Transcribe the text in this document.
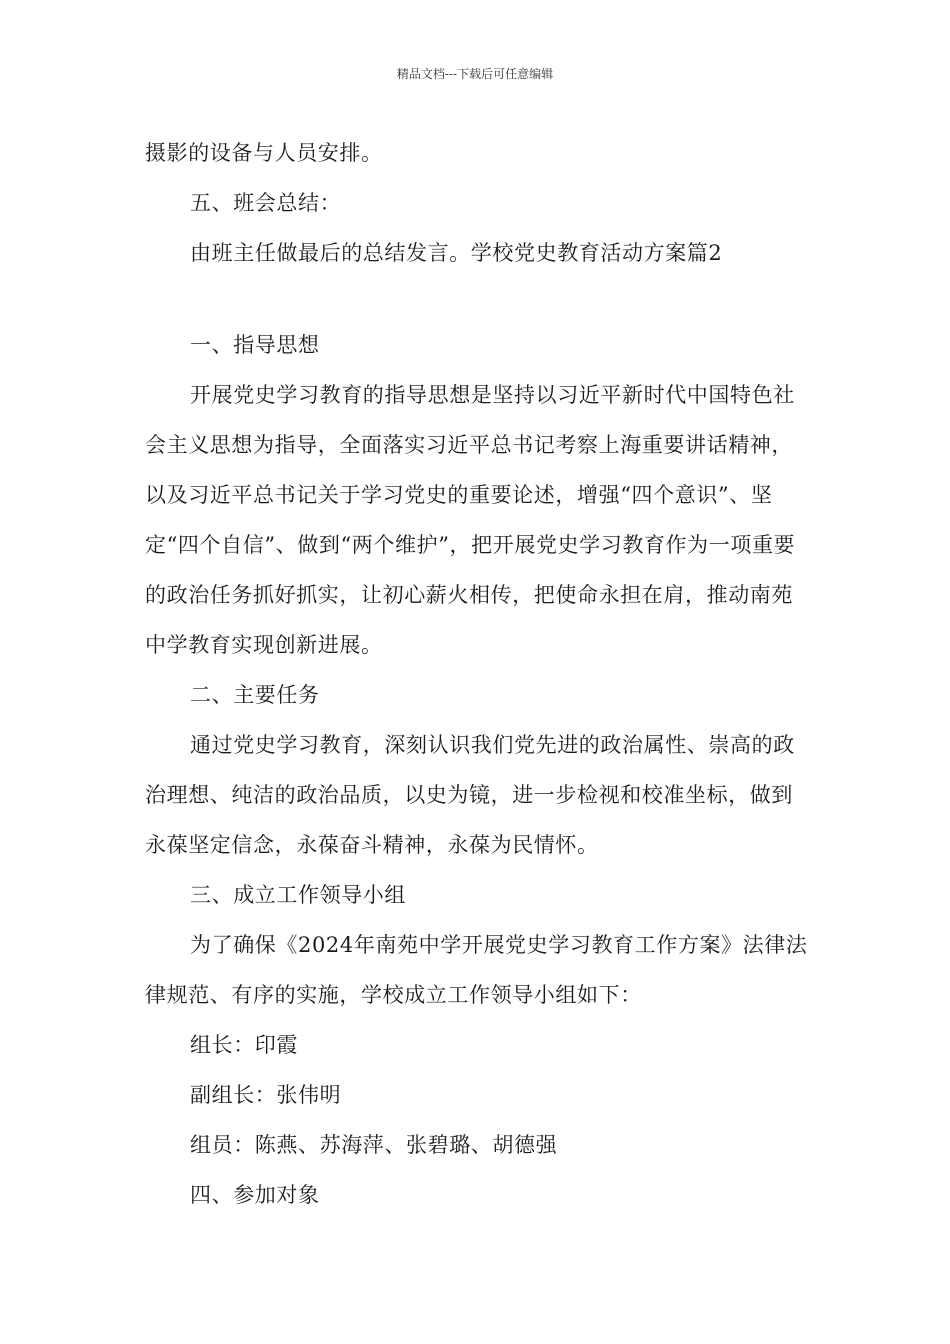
精品文档---下载后可任意编辑

摄影的设备与人员安排。

五、班会总结：

由班主任做最后的总结发言。学校党史教育活动方案篇2

一、指导思想

开展党史学习教育的指导思想是坚持以习近平新时代中国特色社会主义思想为指导，全面落实习近平总书记考察上海重要讲话精神，以及习近平总书记关于学习党史的重要论述，增强“四个意识”、坚定“四个自信”、做到“两个维护”，把开展党史学习教育作为一项重要的政治任务抓好抓实，让初心薪火相传，把使命永担在肩，推动南苑中学教育实现创新进展。

二、主要任务

通过党史学习教育，深刻认识我们党先进的政治属性、崇高的政治理想、纯洁的政治品质，以史为镜，进一步检视和校准坐标，做到永葆坚定信念，永葆奋斗精神，永葆为民情怀。

三、成立工作领导小组

为了确保《2024年南苑中学开展党史学习教育工作方案》法律法律规范、有序的实施，学校成立工作领导小组如下：

组长：印霞

副组长：张伟明

组员：陈燕、苏海萍、张碧璐、胡德强

四、参加对象
